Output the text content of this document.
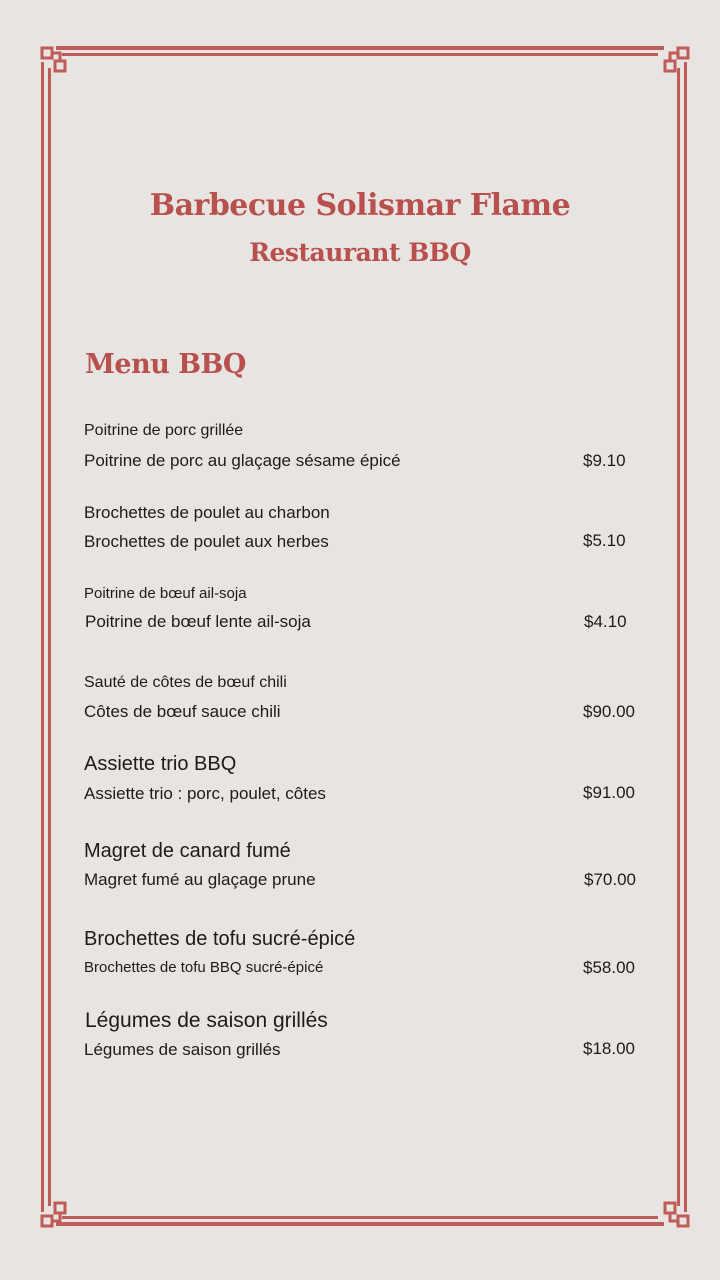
Barbecue Solismar Flame
Restaurant BBQ
Menu BBQ
Poitrine de porc grillée
Poitrine de porc au glaçage sésame épicé	$9.10
Brochettes de poulet au charbon
Brochettes de poulet aux herbes	$5.10
Poitrine de bœuf ail-soja
Poitrine de bœuf lente ail-soja	$4.10
Sauté de côtes de bœuf chili
Côtes de bœuf sauce chili	$90.00
Assiette trio BBQ
Assiette trio : porc, poulet, côtes	$91.00
Magret de canard fumé
Magret fumé au glaçage prune	$70.00
Brochettes de tofu sucré-épicé
Brochettes de tofu BBQ sucré-épicé	$58.00
Légumes de saison grillés
Légumes de saison grillés	$18.00
